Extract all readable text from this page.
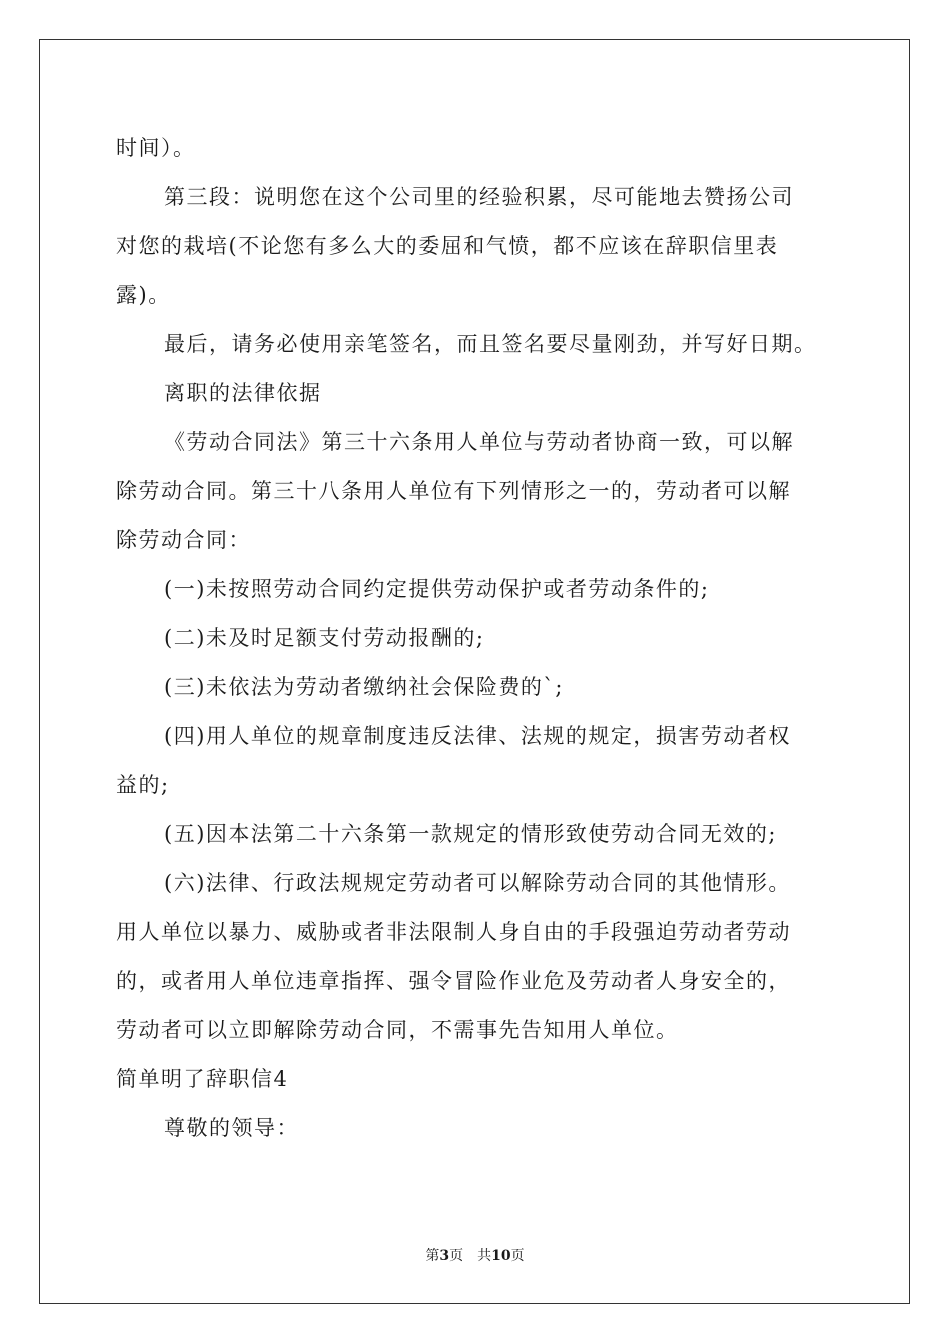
时间）。
第三段：说明您在这个公司里的经验积累，尽可能地去赞扬公司
对您的栽培(不论您有多么大的委屈和气愤，都不应该在辞职信里表
露)。
最后，请务必使用亲笔签名，而且签名要尽量刚劲，并写好日期。
离职的法律依据
《劳动合同法》第三十六条用人单位与劳动者协商一致，可以解
除劳动合同。第三十八条用人单位有下列情形之一的，劳动者可以解
除劳动合同：
(一)未按照劳动合同约定提供劳动保护或者劳动条件的;
(二)未及时足额支付劳动报酬的;
(三)未依法为劳动者缴纳社会保险费的`;
(四)用人单位的规章制度违反法律、法规的规定，损害劳动者权
益的;
(五)因本法第二十六条第一款规定的情形致使劳动合同无效的;
(六)法律、行政法规规定劳动者可以解除劳动合同的其他情形。
用人单位以暴力、威胁或者非法限制人身自由的手段强迫劳动者劳动
的，或者用人单位违章指挥、强令冒险作业危及劳动者人身安全的，
劳动者可以立即解除劳动合同，不需事先告知用人单位。
简单明了辞职信4
尊敬的领导：
第3页　共10页
